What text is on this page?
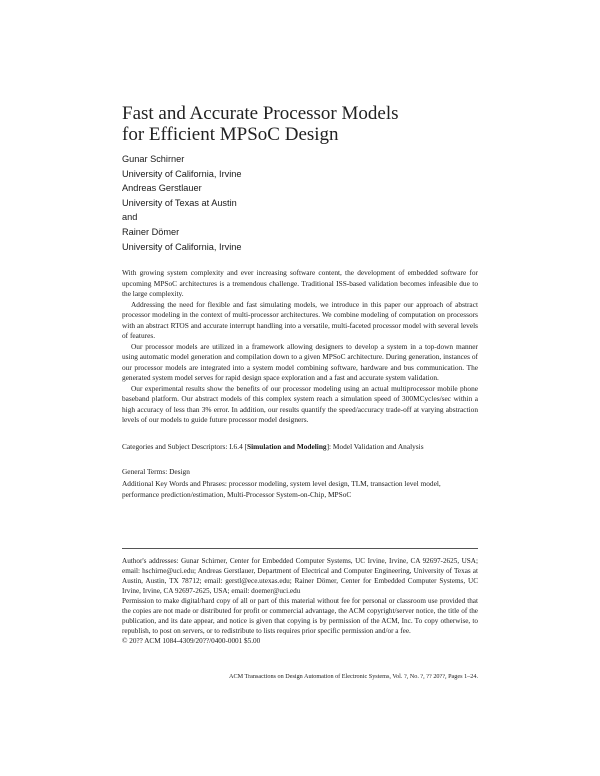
Fast and Accurate Processor Models
for Efficient MPSoC Design
Gunar Schirner
University of California, Irvine
Andreas Gerstlauer
University of Texas at Austin
and
Rainer Dömer
University of California, Irvine

With growing system complexity and ever increasing software content, the development of embedded software for upcoming MPSoC architectures is a tremendous challenge. Traditional ISS-based validation becomes infeasible due to the large complexity.

Addressing the need for flexible and fast simulating models, we introduce in this paper our approach of abstract processor modeling in the context of multi-processor architectures. We combine modeling of computation on processors with an abstract RTOS and accurate interrupt handling into a versatile, multi-faceted processor model with several levels of features.

Our processor models are utilized in a framework allowing designers to develop a system in a top-down manner using automatic model generation and compilation down to a given MPSoC architecture. During generation, instances of our processor models are integrated into a system model combining software, hardware and bus communication. The generated system model serves for rapid design space exploration and a fast and accurate system validation.

Our experimental results show the benefits of our processor modeling using an actual multiprocessor mobile phone baseband platform. Our abstract models of this complex system reach a simulation speed of 300MCycles/sec within a high accuracy of less than 3% error. In addition, our results quantify the speed/accuracy trade-off at varying abstraction levels of our models to guide future processor model designers.

Categories and Subject Descriptors: I.6.4 [Simulation and Modeling]: Model Validation and Analysis
General Terms: Design
Additional Key Words and Phrases: processor modeling, system level design, TLM, transaction level model, performance prediction/estimation, Multi-Processor System-on-Chip, MPSoC

Author's addresses: Gunar Schirner, Center for Embedded Computer Systems, UC Irvine, Irvine, CA 92697-2625, USA; email: hschirne@uci.edu; Andreas Gerstlauer, Department of Electrical and Computer Engineering, University of Texas at Austin, Austin, TX 78712; email: gerstl@ece.utexas.edu; Rainer Dömer, Center for Embedded Computer Systems, UC Irvine, Irvine, CA 92697-2625, USA; email: doemer@uci.edu

Permission to make digital/hard copy of all or part of this material without fee for personal or classroom use provided that the copies are not made or distributed for profit or commercial advantage, the ACM copyright/server notice, the title of the publication, and its date appear, and notice is given that copying is by permission of the ACM, Inc. To copy otherwise, to republish, to post on servers, or to redistribute to lists requires prior specific permission and/or a fee.

© 20?? ACM 1084-4309/20??/0400-0001 $5.00

ACM Transactions on Design Automation of Electronic Systems, Vol. ?, No. ?, ?? 20??, Pages 1–24.
